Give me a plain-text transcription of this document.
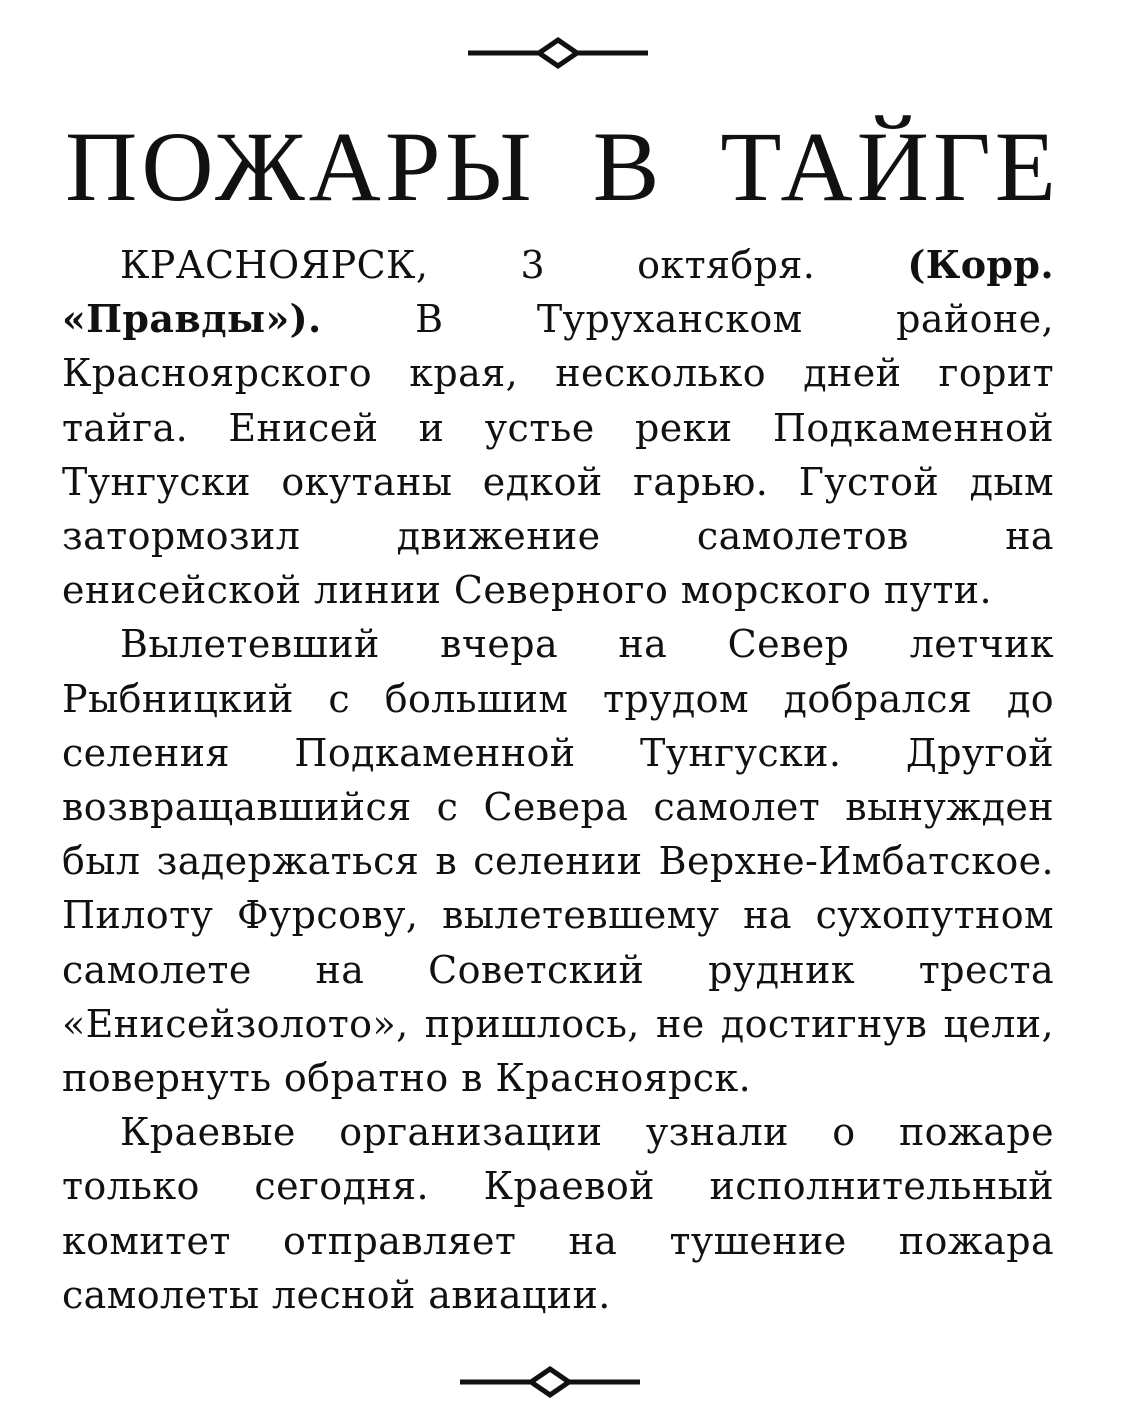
ПОЖАРЫ В ТАЙГЕ

КРАСНОЯРСК, 3 октября. (Корр. «Правды»). В Туруханском районе, Красноярского края, несколько дней горит тайга. Енисей и устье реки Подкаменной Тунгуски окутаны едкой гарью. Густой дым затормозил движение самолетов на енисейской линии Северного морского пути.

Вылетевший вчера на Север летчик Рыбницкий с большим трудом добрался до селения Подкаменной Тунгуски. Другой возвращавшийся с Севера самолет вынужден был задержаться в селении Верхне-Имбатское. Пилоту Фурсову, вылетевшему на сухопутном самолете на Советский рудник треста «Енисейзолото», пришлось, не достигнув цели, повернуть обратно в Красноярск.

Краевые организации узнали о пожаре только сегодня. Краевой исполнительный комитет отправляет на тушение пожара самолеты лесной авиации.
